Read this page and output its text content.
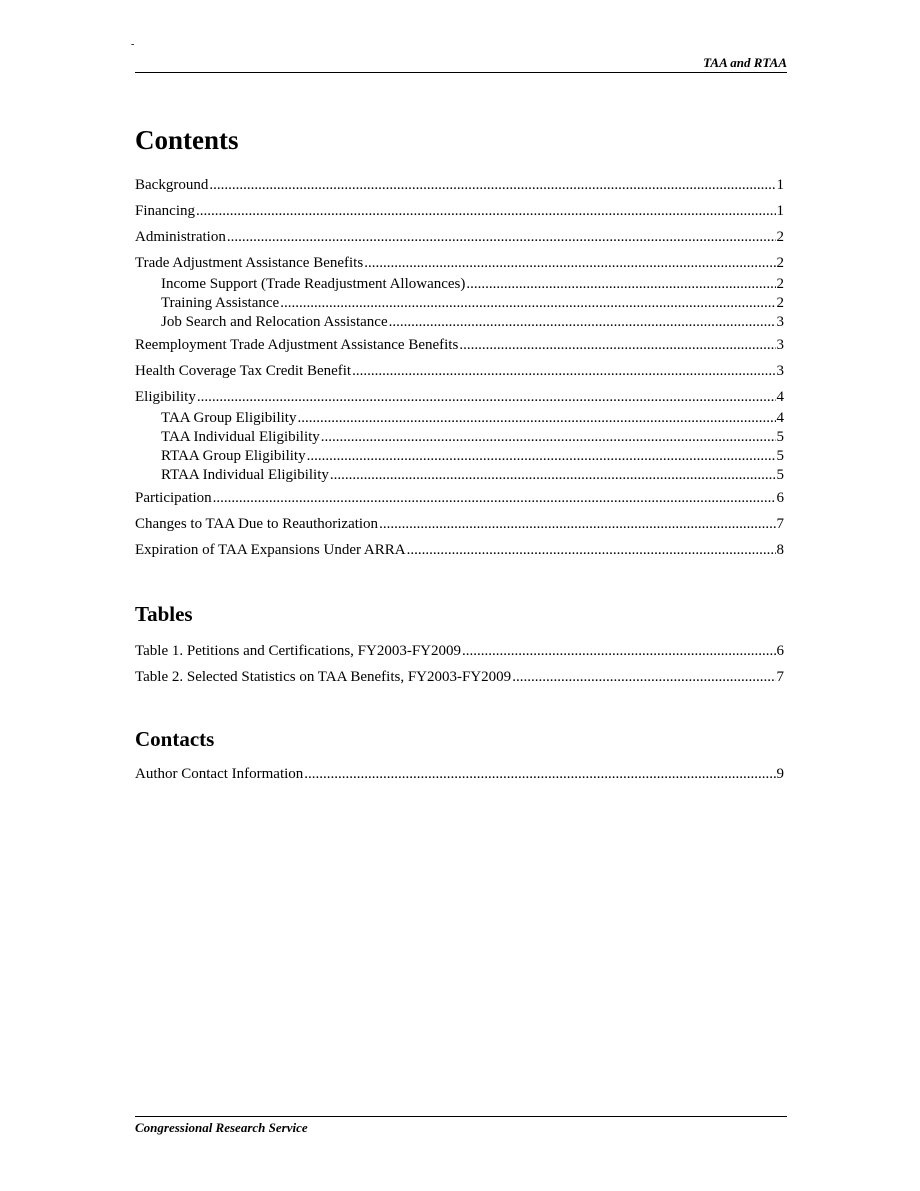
-
TAA and RTAA
Contents
Background .....	1
Financing .....	1
Administration .....	2
Trade Adjustment Assistance Benefits .....	2
Income Support (Trade Readjustment Allowances) .....	2
Training Assistance .....	2
Job Search and Relocation Assistance .....	3
Reemployment Trade Adjustment Assistance Benefits .....	3
Health Coverage Tax Credit Benefit .....	3
Eligibility .....	4
TAA Group Eligibility .....	4
TAA Individual Eligibility .....	5
RTAA Group Eligibility .....	5
RTAA Individual Eligibility .....	5
Participation .....	6
Changes to TAA Due to Reauthorization .....	7
Expiration of TAA Expansions Under ARRA .....	8
Tables
Table 1. Petitions and Certifications, FY2003-FY2009 .....	6
Table 2. Selected Statistics on TAA Benefits, FY2003-FY2009 .....	7
Contacts
Author Contact Information .....	9
Congressional Research Service
